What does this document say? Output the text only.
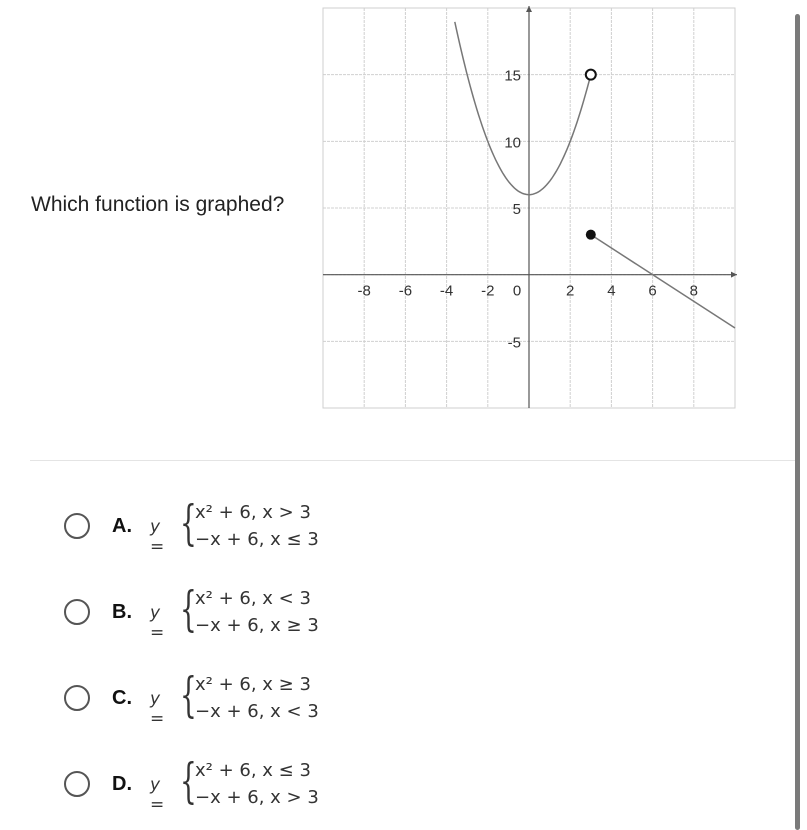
Which function is graphed?
-8 -6 -4 -2 0	2 4 6 8
15
10
5
-5
A. y = {
x² + 6, x > 3
−x + 6, x ≤ 3
B. y = {
x² + 6, x < 3
−x + 6, x ≥ 3
C. y = {
x² + 6, x ≥ 3
−x + 6, x < 3
D. y = {
x² + 6, x ≤ 3
−x + 6, x > 3
